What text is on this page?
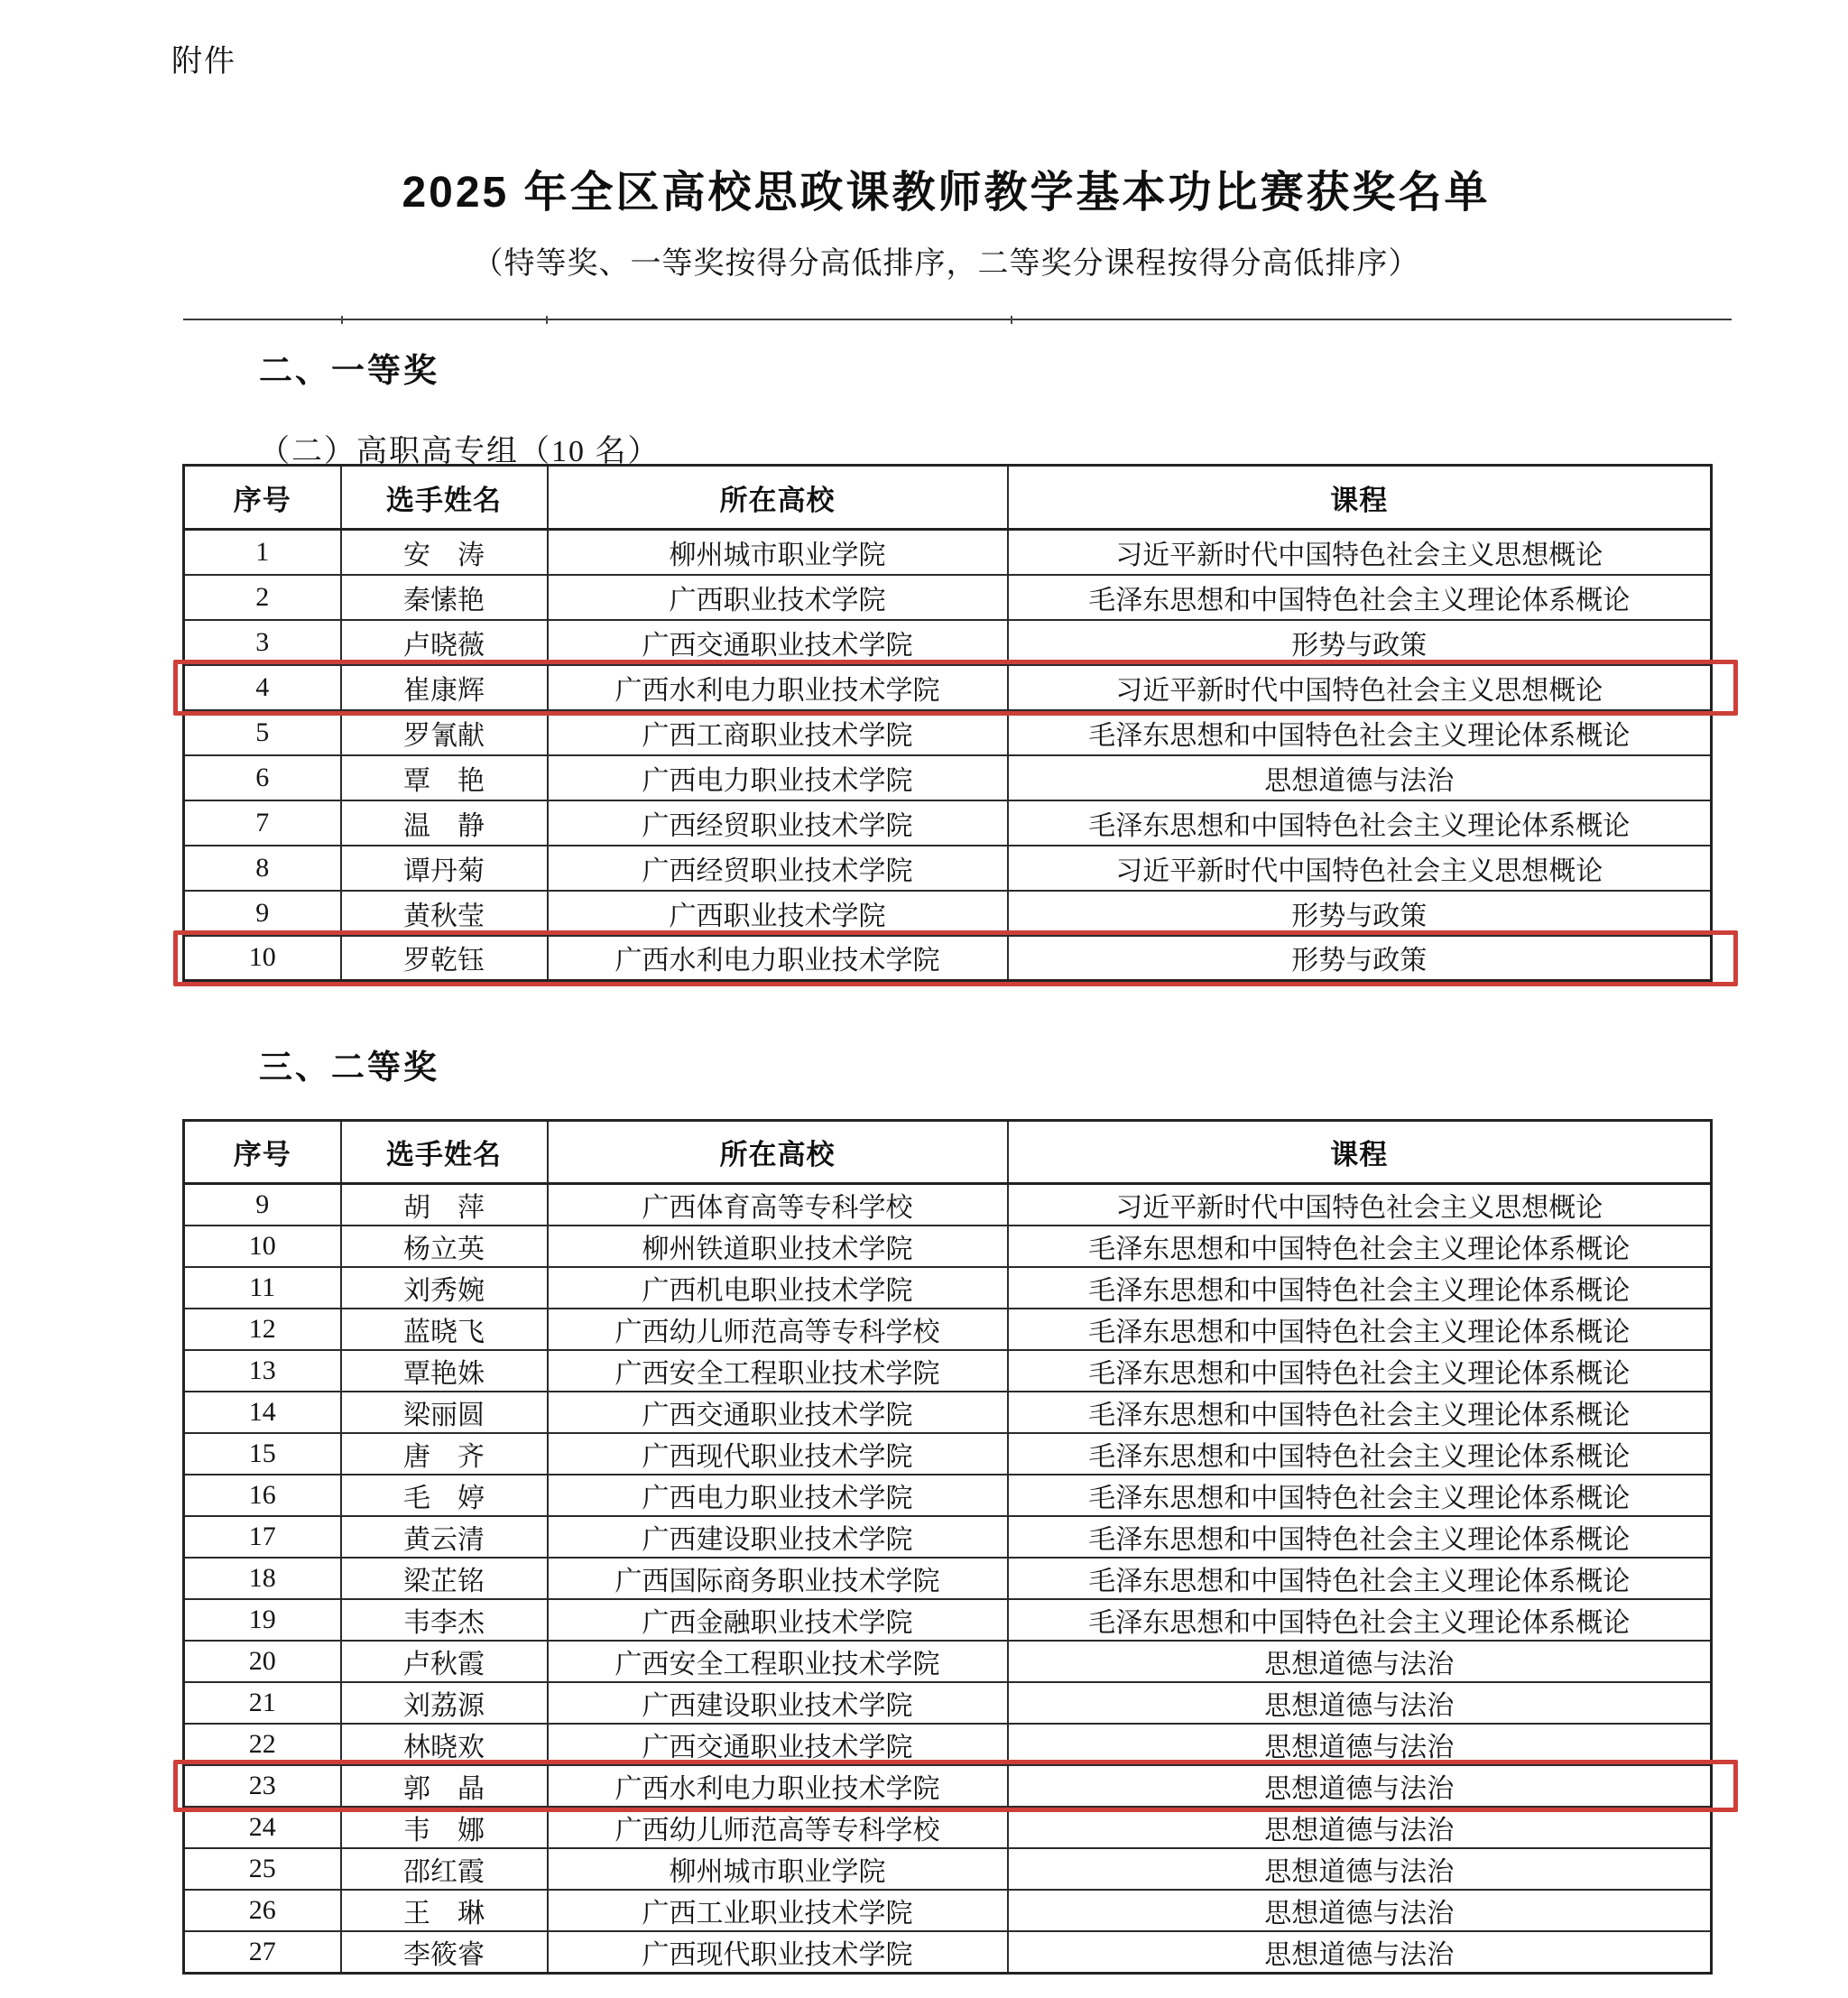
附件
2025 年全区高校思政课教师教学基本功比赛获奖名单
（特等奖、一等奖按得分高低排序，二等奖分课程按得分高低排序）
二、一等奖
（二）高职高专组（10 名）
序号	选手姓名	所在高校	课程
1	安　涛	柳州城市职业学院	习近平新时代中国特色社会主义思想概论
2	秦愫艳	广西职业技术学院	毛泽东思想和中国特色社会主义理论体系概论
3	卢晓薇	广西交通职业技术学院	形势与政策
4	崔康辉	广西水利电力职业技术学院	习近平新时代中国特色社会主义思想概论
5	罗氰献	广西工商职业技术学院	毛泽东思想和中国特色社会主义理论体系概论
6	覃　艳	广西电力职业技术学院	思想道德与法治
7	温　静	广西经贸职业技术学院	毛泽东思想和中国特色社会主义理论体系概论
8	谭丹菊	广西经贸职业技术学院	习近平新时代中国特色社会主义思想概论
9	黄秋莹	广西职业技术学院	形势与政策
10	罗乾钰	广西水利电力职业技术学院	形势与政策
三、二等奖
序号	选手姓名	所在高校	课程
9	胡　萍	广西体育高等专科学校	习近平新时代中国特色社会主义思想概论
10	杨立英	柳州铁道职业技术学院	毛泽东思想和中国特色社会主义理论体系概论
11	刘秀婉	广西机电职业技术学院	毛泽东思想和中国特色社会主义理论体系概论
12	蓝晓飞	广西幼儿师范高等专科学校	毛泽东思想和中国特色社会主义理论体系概论
13	覃艳姝	广西安全工程职业技术学院	毛泽东思想和中国特色社会主义理论体系概论
14	梁丽圆	广西交通职业技术学院	毛泽东思想和中国特色社会主义理论体系概论
15	唐　齐	广西现代职业技术学院	毛泽东思想和中国特色社会主义理论体系概论
16	毛　婷	广西电力职业技术学院	毛泽东思想和中国特色社会主义理论体系概论
17	黄云清	广西建设职业技术学院	毛泽东思想和中国特色社会主义理论体系概论
18	梁芷铭	广西国际商务职业技术学院	毛泽东思想和中国特色社会主义理论体系概论
19	韦李杰	广西金融职业技术学院	毛泽东思想和中国特色社会主义理论体系概论
20	卢秋霞	广西安全工程职业技术学院	思想道德与法治
21	刘荔源	广西建设职业技术学院	思想道德与法治
22	林晓欢	广西交通职业技术学院	思想道德与法治
23	郭　晶	广西水利电力职业技术学院	思想道德与法治
24	韦　娜	广西幼儿师范高等专科学校	思想道德与法治
25	邵红霞	柳州城市职业学院	思想道德与法治
26	王　琳	广西工业职业技术学院	思想道德与法治
27	李筱睿	广西现代职业技术学院	思想道德与法治
